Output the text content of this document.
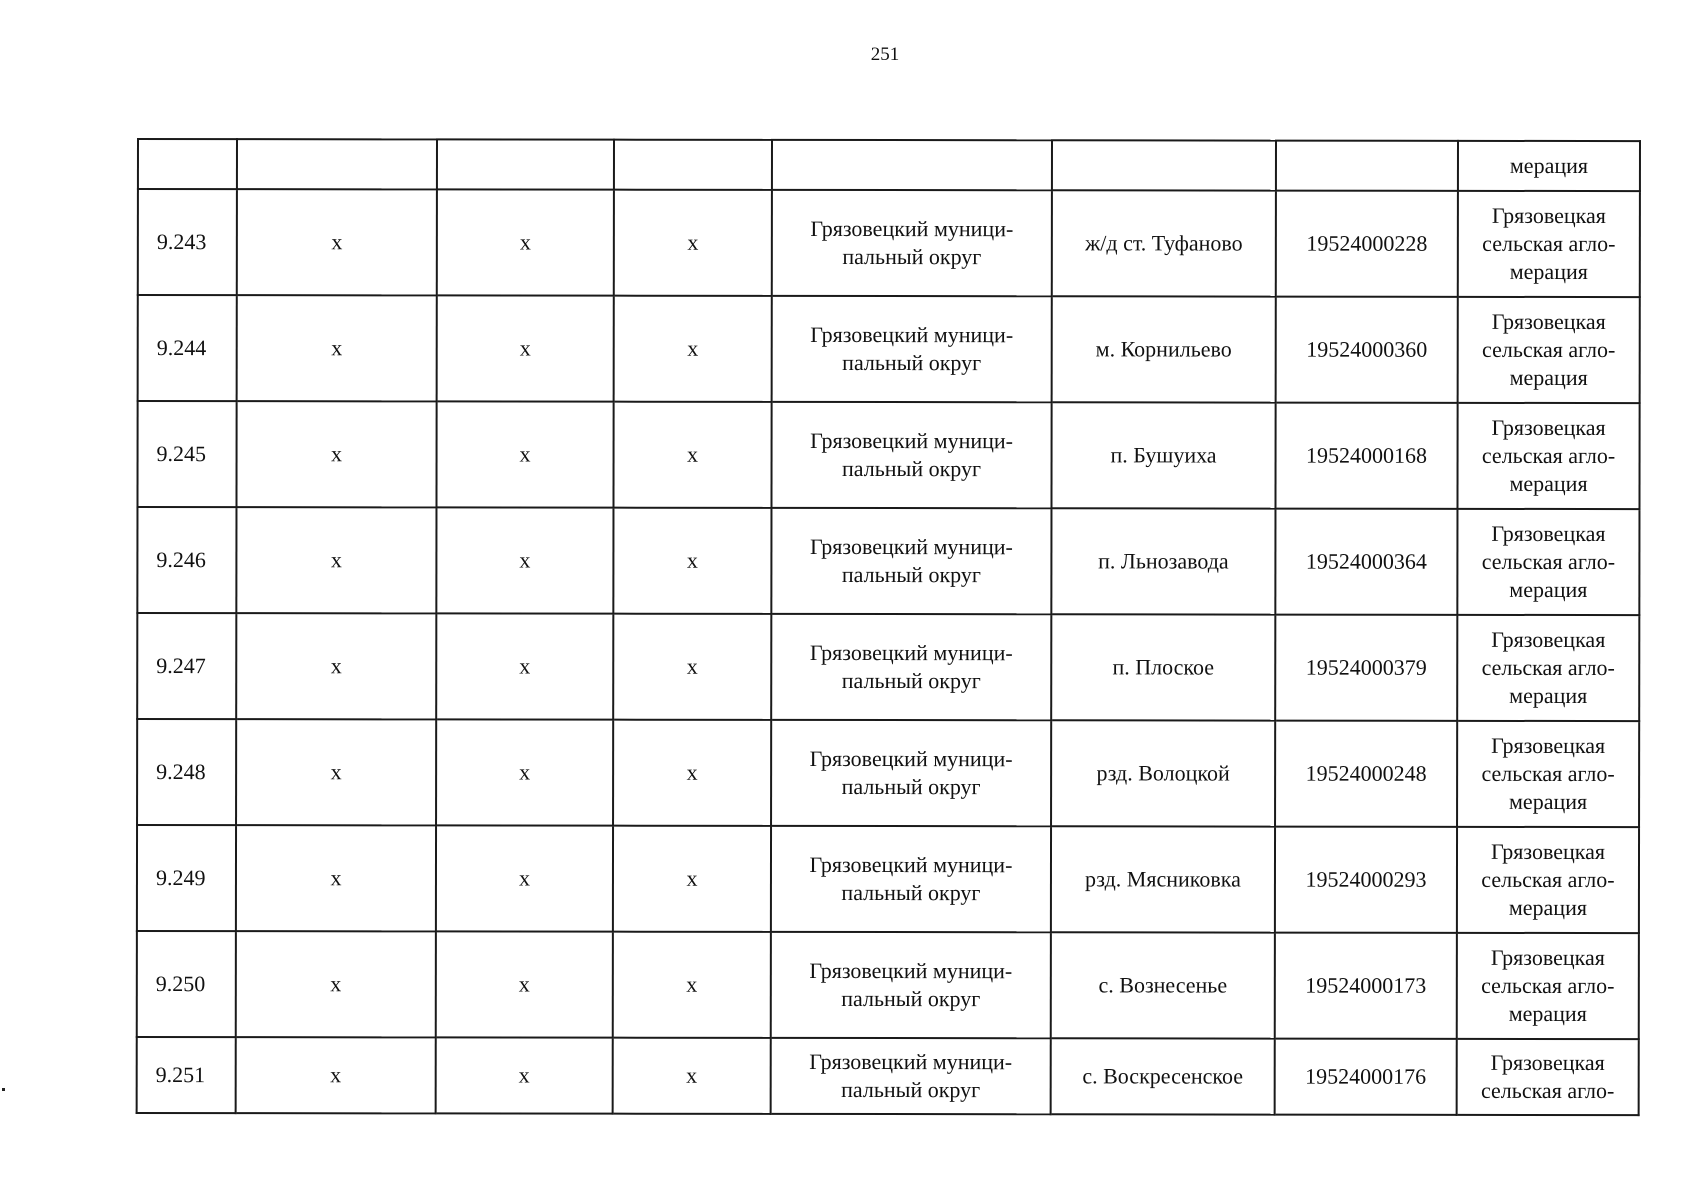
251
							мерация
9.243	х	х	х	Грязовецкий муници-пальный округ	ж/д ст. Туфаново	19524000228	Грязовецкая сельская агло-мерация
9.244	х	х	х	Грязовецкий муници-пальный округ	м. Корнильево	19524000360	Грязовецкая сельская агло-мерация
9.245	х	х	х	Грязовецкий муници-пальный округ	п. Бушуиха	19524000168	Грязовецкая сельская агло-мерация
9.246	х	х	х	Грязовецкий муници-пальный округ	п. Льнозавода	19524000364	Грязовецкая сельская агло-мерация
9.247	х	х	х	Грязовецкий муници-пальный округ	п. Плоское	19524000379	Грязовецкая сельская агло-мерация
9.248	х	х	х	Грязовецкий муници-пальный округ	рзд. Волоцкой	19524000248	Грязовецкая сельская агло-мерация
9.249	х	х	х	Грязовецкий муници-пальный округ	рзд. Мясниковка	19524000293	Грязовецкая сельская агло-мерация
9.250	х	х	х	Грязовецкий муници-пальный округ	с. Вознесенье	19524000173	Грязовецкая сельская агло-мерация
9.251	х	х	х	Грязовецкий муници-пальный округ	с. Воскресенское	19524000176	Грязовецкая сельская агло-
